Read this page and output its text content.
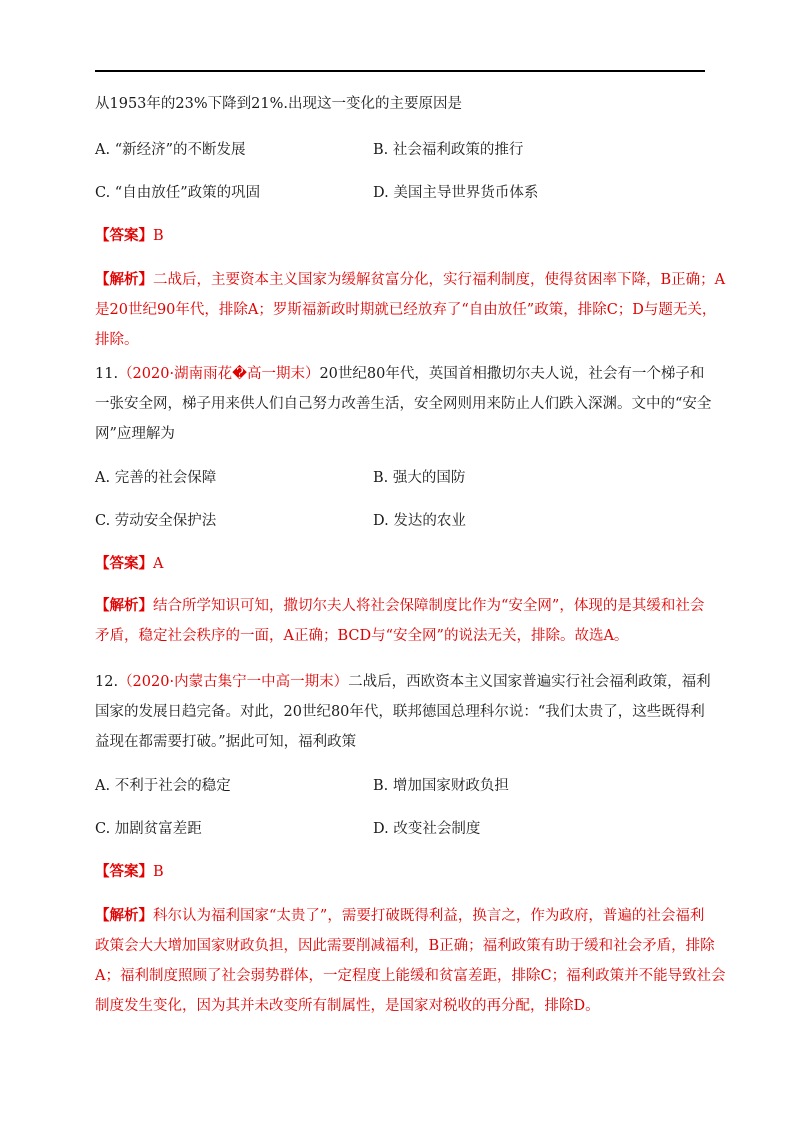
从1953年的23%下降到21%.出现这一变化的主要原因是
A. “新经济”的不断发展	B. 社会福利政策的推行
C. “自由放任”政策的巩固	D. 美国主导世界货币体系
【答案】B
【解析】二战后，主要资本主义国家为缓解贫富分化，实行福利制度，使得贫困率下降，B正确；A
是20世纪90年代，排除A；罗斯福新政时期就已经放弃了“自由放任”政策，排除C；D与题无关，
排除。
11.（2020·湖南雨花�高一期末）20世纪80年代，英国首相撒切尔夫人说，社会有一个梯子和
一张安全网，梯子用来供人们自己努力改善生活，安全网则用来防止人们跌入深渊。文中的“安全
网”应理解为
A. 完善的社会保障	B. 强大的国防
C. 劳动安全保护法	D. 发达的农业
【答案】A
【解析】结合所学知识可知，撒切尔夫人将社会保障制度比作为“安全网”，体现的是其缓和社会
矛盾，稳定社会秩序的一面，A正确；BCD与“安全网”的说法无关，排除。故选A。
12.（2020·内蒙古集宁一中高一期末）二战后，西欧资本主义国家普遍实行社会福利政策，福利
国家的发展日趋完备。对此，20世纪80年代，联邦德国总理科尔说：“我们太贵了，这些既得利
益现在都需要打破。”据此可知，福利政策
A. 不利于社会的稳定	B. 增加国家财政负担
C. 加剧贫富差距	D. 改变社会制度
【答案】B
【解析】科尔认为福利国家“太贵了”，需要打破既得利益，换言之，作为政府，普遍的社会福利
政策会大大增加国家财政负担，因此需要削减福利，B正确；福利政策有助于缓和社会矛盾，排除
A；福利制度照顾了社会弱势群体，一定程度上能缓和贫富差距，排除C；福利政策并不能导致社会
制度发生变化，因为其并未改变所有制属性，是国家对税收的再分配，排除D。
